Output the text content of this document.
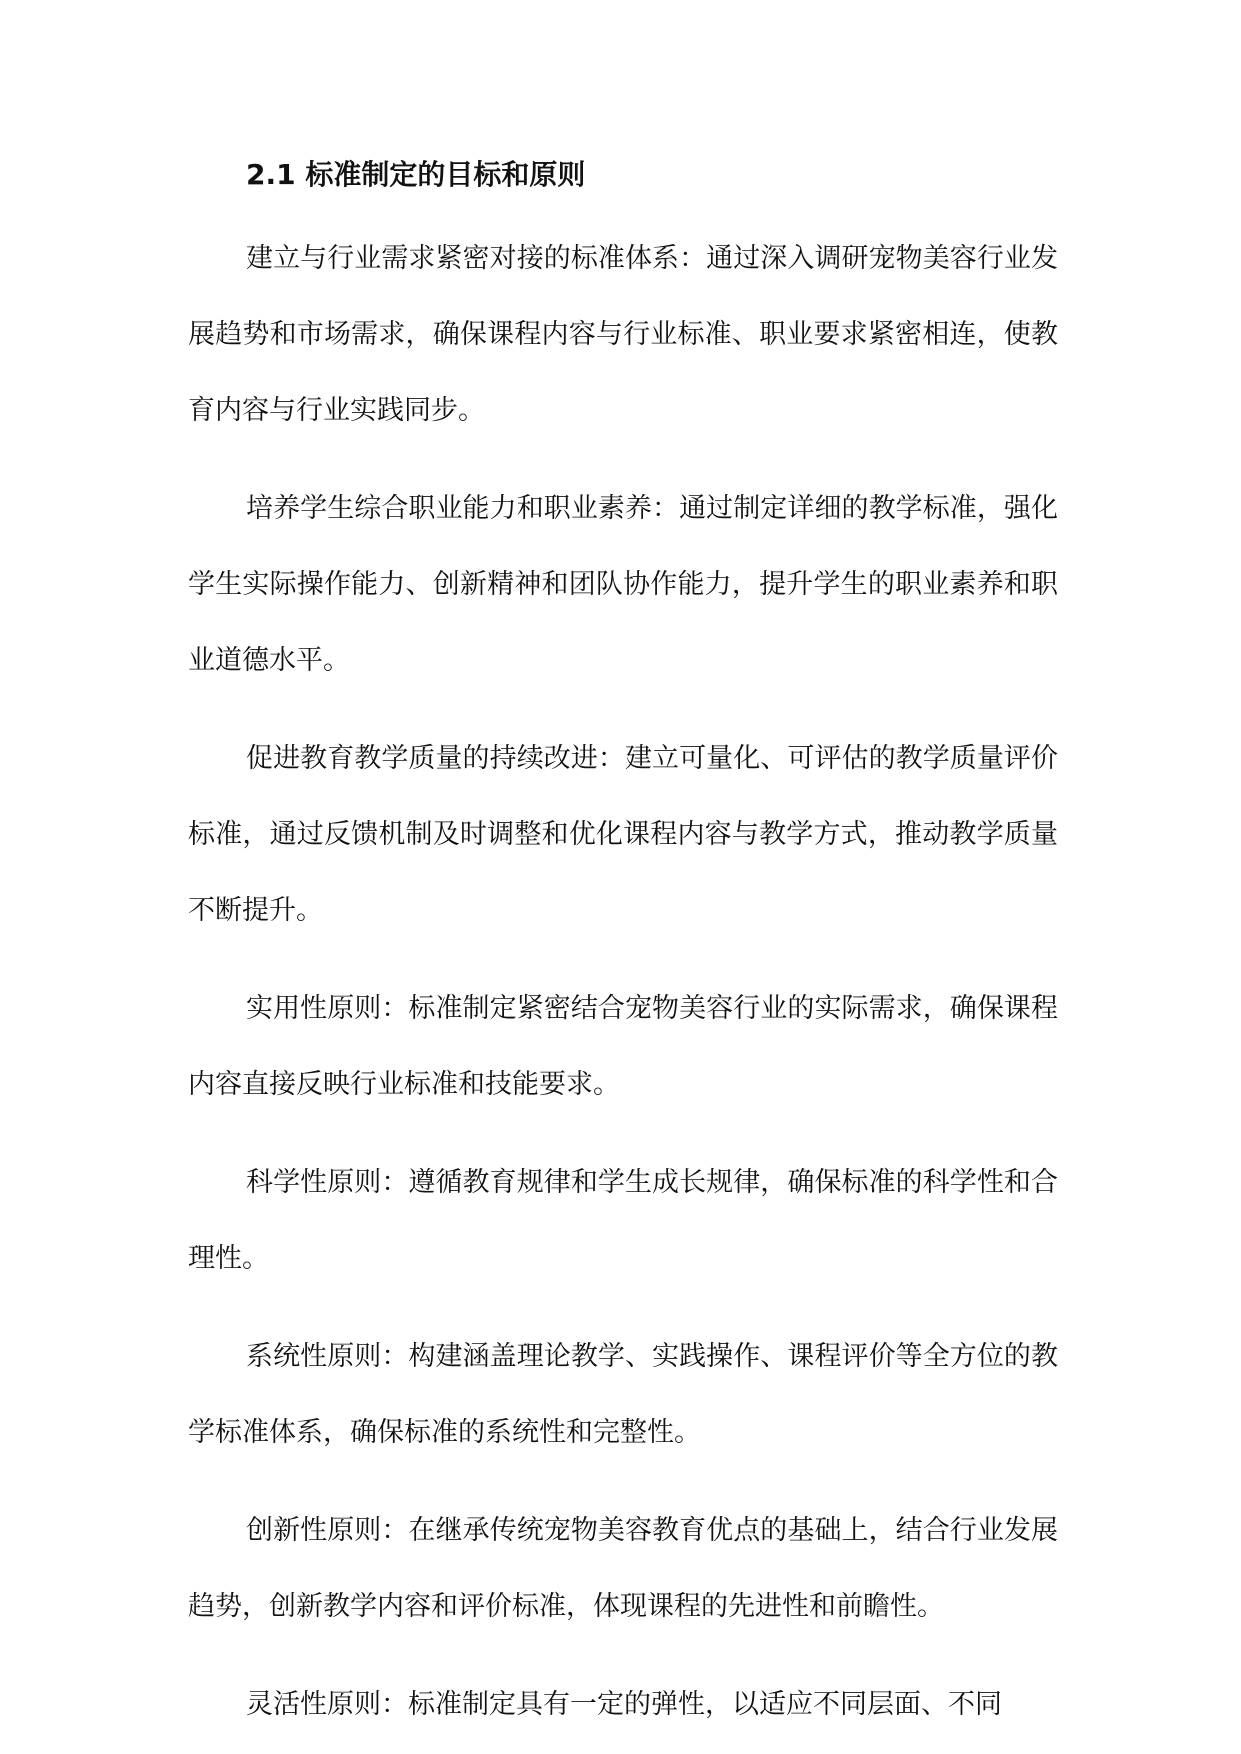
2.1 标准制定的目标和原则

建立与行业需求紧密对接的标准体系：通过深入调研宠物美容行业发展趋势和市场需求，确保课程内容与行业标准、职业要求紧密相连，使教育内容与行业实践同步。

培养学生综合职业能力和职业素养：通过制定详细的教学标准，强化学生实际操作能力、创新精神和团队协作能力，提升学生的职业素养和职业道德水平。

促进教育教学质量的持续改进：建立可量化、可评估的教学质量评价标准，通过反馈机制及时调整和优化课程内容与教学方式，推动教学质量不断提升。

实用性原则：标准制定紧密结合宠物美容行业的实际需求，确保课程内容直接反映行业标准和技能要求。

科学性原则：遵循教育规律和学生成长规律，确保标准的科学性和合理性。

系统性原则：构建涵盖理论教学、实践操作、课程评价等全方位的教学标准体系，确保标准的系统性和完整性。

创新性原则：在继承传统宠物美容教育优点的基础上，结合行业发展趋势，创新教学内容和评价标准，体现课程的先进性和前瞻性。

灵活性原则：标准制定具有一定的弹性，以适应不同层面、不同
